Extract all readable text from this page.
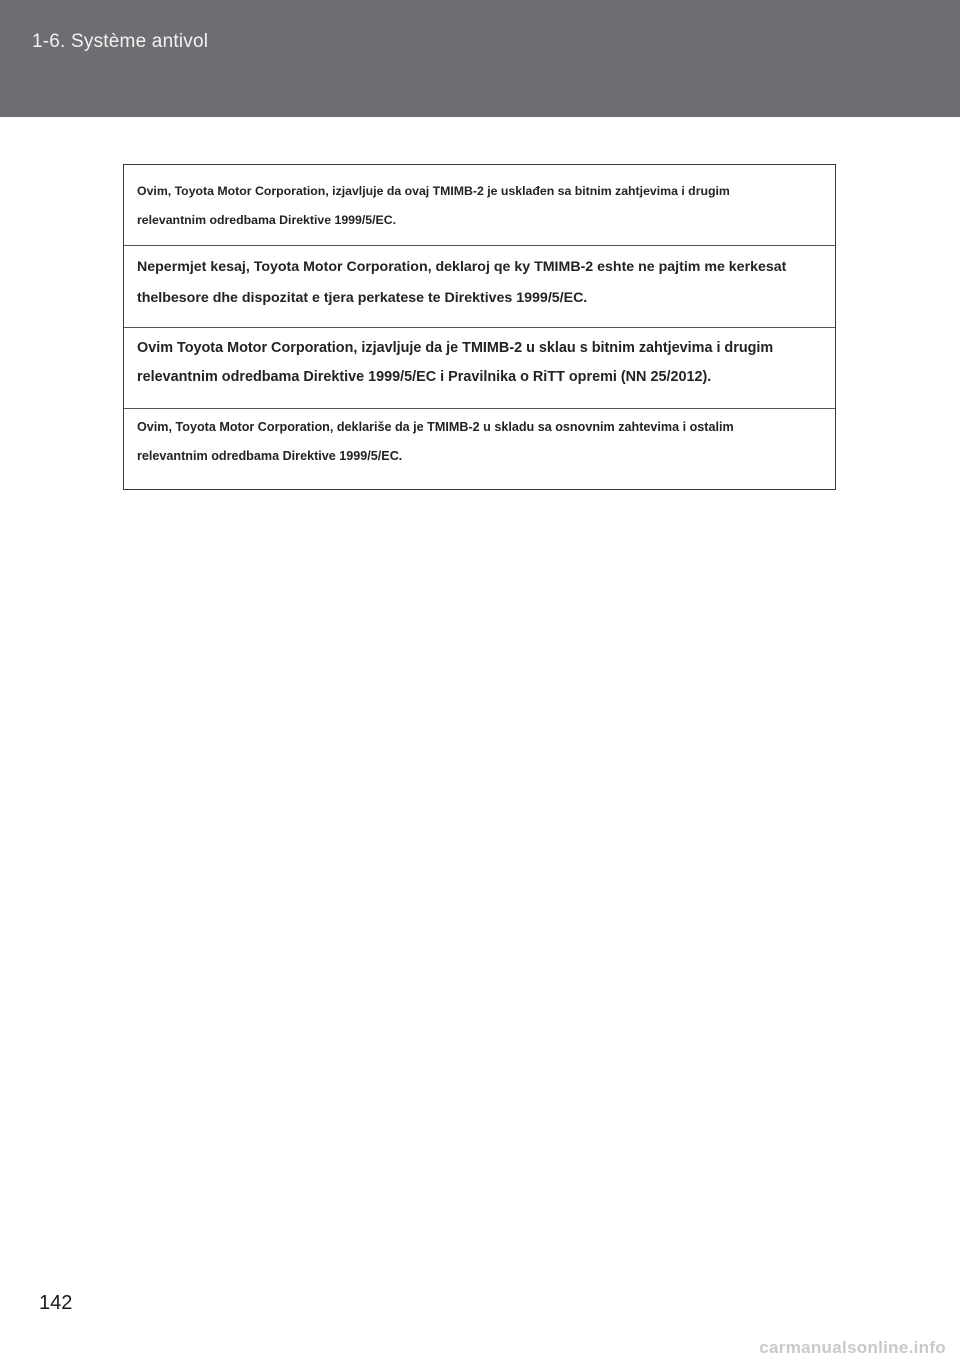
1-6. Système antivol
Ovim, Toyota Motor Corporation, izjavljuje da ovaj TMIMB-2 je usklađen sa bitnim zahtjevima i drugim
relevantnim odredbama Direktive 1999/5/EC.
Nepermjet kesaj, Toyota Motor Corporation, deklaroj qe ky TMIMB-2 eshte ne pajtim me kerkesat
thelbesore dhe dispozitat e tjera perkatese te Direktives 1999/5/EC.
Ovim Toyota Motor Corporation, izjavljuje da je TMIMB-2 u sklau s bitnim zahtjevima i drugim
relevantnim odredbama Direktive 1999/5/EC i Pravilnika o RiTT opremi (NN 25/2012).
Ovim, Toyota Motor Corporation, deklariše da je TMIMB-2 u skladu sa osnovnim zahtevima i ostalim
relevantnim odredbama Direktive 1999/5/EC.
142
carmanualsonline.info
